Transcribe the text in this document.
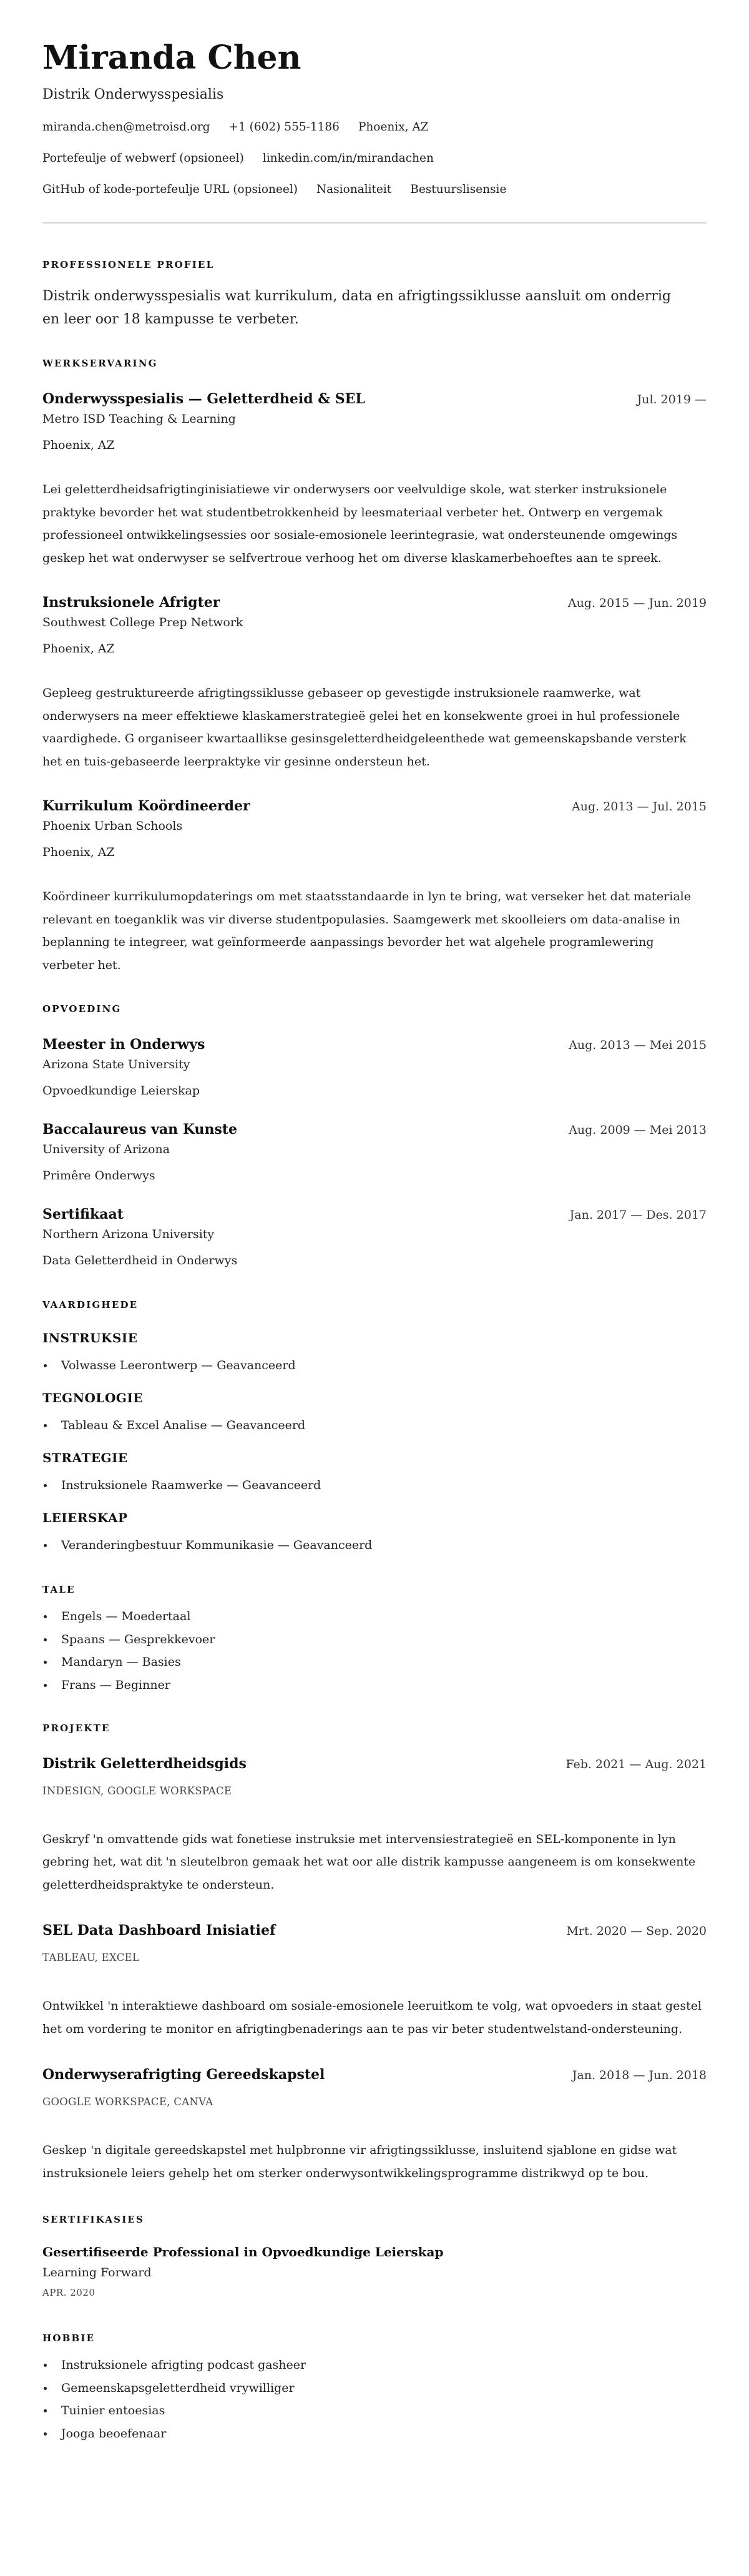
Miranda Chen
Distrik Onderwysspesialis
miranda.chen@metroisd.org +1 (602) 555-1186 Phoenix, AZ
Portefeulje of webwerf (opsioneel) linkedin.com/in/mirandachen
GitHub of kode-portefeulje URL (opsioneel) Nasionaliteit Bestuurslisensie
PROFESSIONELE PROFIEL

Distrik onderwysspesialis wat kurrikulum, data en afrigtingssiklusse aansluit om onderrig en leer oor 18 kampusse te verbeter.

WERKSERVARING
Onderwysspesialis — Geletterdheid & SEL	Jul. 2019 —
Metro ISD Teaching & Learning
Phoenix, AZ

Lei geletterdheidsafrigtinginisiatiewe vir onderwysers oor veelvuldige skole, wat sterker instruksionele praktyke bevorder het wat studentbetrokkenheid by leesmateriaal verbeter het. Ontwerp en vergemak professioneel ontwikkelingsessies oor sosiale-emosionele leerintegrasie, wat ondersteunende omgewings geskep het wat onderwyser se selfvertroue verhoog het om diverse klaskamerbehoeftes aan te spreek.

Instruksionele Afrigter	Aug. 2015 — Jun. 2019
Southwest College Prep Network
Phoenix, AZ

Gepleeg gestruktureerde afrigtingssiklusse gebaseer op gevestigde instruksionele raamwerke, wat onderwysers na meer effektiewe klaskamerstrategieë gelei het en konsekwente groei in hul professionele vaardighede. G organiseer kwartaallikse gesinsgeletterdheidgeleenthede wat gemeenskapsbande versterk het en tuis-gebaseerde leerpraktyke vir gesinne ondersteun het.

Kurrikulum Koördineerder	Aug. 2013 — Jul. 2015
Phoenix Urban Schools
Phoenix, AZ

Koördineer kurrikulumopdaterings om met staatsstandaarde in lyn te bring, wat verseker het dat materiale relevant en toeganklik was vir diverse studentpopulasies. Saamgewerk met skoolleiers om data-analise in beplanning te integreer, wat geïnformeerde aanpassings bevorder het wat algehele programlewering verbeter het.

OPVOEDING
Meester in Onderwys	Aug. 2013 — Mei 2015
Arizona State University
Opvoedkundige Leierskap
Baccalaureus van Kunste	Aug. 2009 — Mei 2013
University of Arizona
Primêre Onderwys
Sertifikaat	Jan. 2017 — Des. 2017
Northern Arizona University
Data Geletterdheid in Onderwys
VAARDIGHEDE
INSTRUKSIE
Volwasse Leerontwerp — Geavanceerd
TEGNOLOGIE
Tableau & Excel Analise — Geavanceerd
STRATEGIE
Instruksionele Raamwerke — Geavanceerd
LEIERSKAP
Veranderingbestuur Kommunikasie — Geavanceerd
TALE
Engels — Moedertaal
Spaans — Gesprekkevoer
Mandaryn — Basies
Frans — Beginner
PROJEKTE
Distrik Geletterdheidsgids	Feb. 2021 — Aug. 2021
INDESIGN, GOOGLE WORKSPACE

Geskryf 'n omvattende gids wat fonetiese instruksie met intervensiestrategieë en SEL-komponente in lyn gebring het, wat dit 'n sleutelbron gemaak het wat oor alle distrik kampusse aangeneem is om konsekwente geletterdheidspraktyke te ondersteun.

SEL Data Dashboard Inisiatief	Mrt. 2020 — Sep. 2020
TABLEAU, EXCEL

Ontwikkel 'n interaktiewe dashboard om sosiale-emosionele leeruitkom te volg, wat opvoeders in staat gestel het om vordering te monitor en afrigtingbenaderings aan te pas vir beter studentwelstand-ondersteuning.

Onderwyserafrigting Gereedskapstel	Jan. 2018 — Jun. 2018
GOOGLE WORKSPACE, CANVA

Geskep 'n digitale gereedskapstel met hulpbronne vir afrigtingssiklusse, insluitend sjablone en gidse wat instruksionele leiers gehelp het om sterker onderwysontwikkelingsprogramme distrikwyd op te bou.

SERTIFIKASIES
Gesertifiseerde Professional in Opvoedkundige Leierskap
Learning Forward
APR. 2020
HOBBIE
Instruksionele afrigting podcast gasheer
Gemeenskapsgeletterdheid vrywilliger
Tuinier entoesias
Jooga beoefenaar
